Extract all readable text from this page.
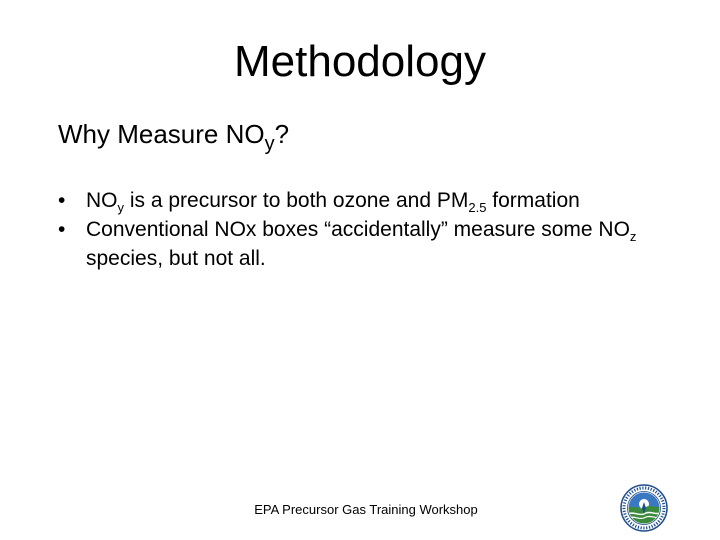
Methodology
Why Measure $NO_y$?
• $NO_y$ is a precursor to both ozone and $PM_{2.5}$ formation
• Conventional NOx boxes “accidentally” measure some $NO_z$ species, but not all.
EPA Precursor Gas Training Workshop
